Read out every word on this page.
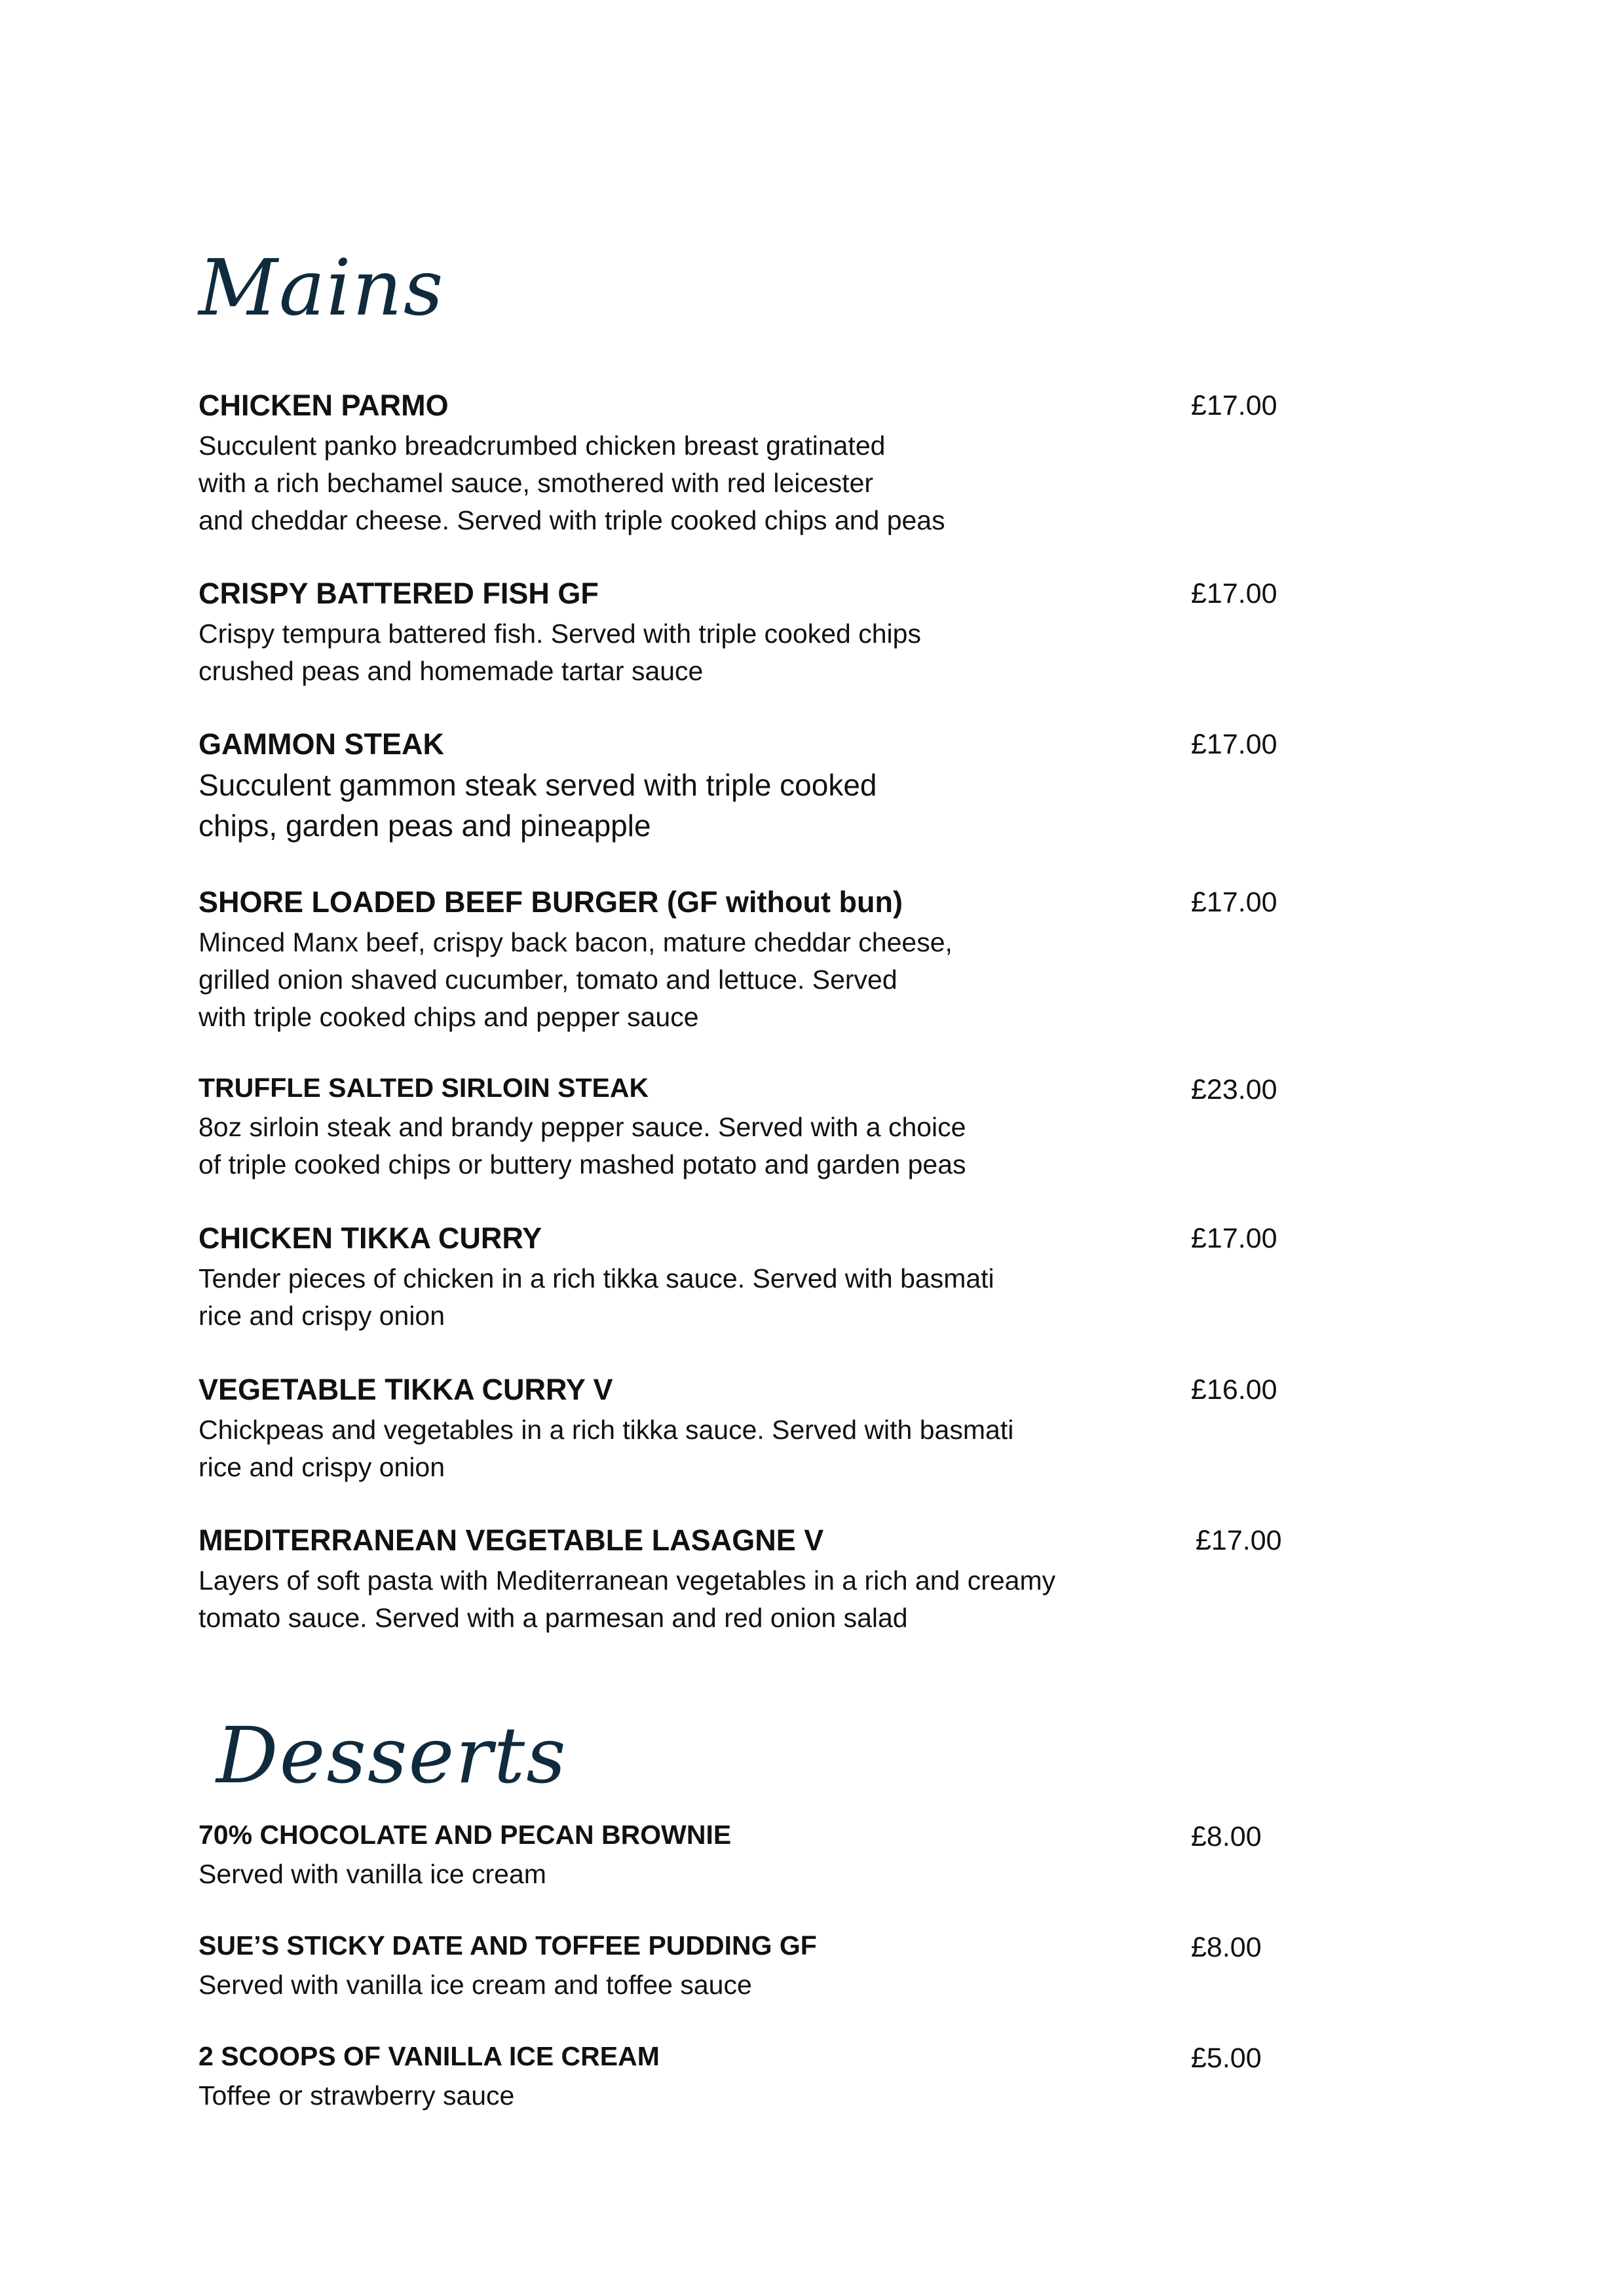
Mains
CHICKEN PARMO	£17.00
Succulent panko breadcrumbed chicken breast gratinated
with a rich bechamel sauce, smothered with red leicester
and cheddar cheese. Served with triple cooked chips and peas
CRISPY BATTERED FISH GF	£17.00
Crispy tempura battered fish. Served with triple cooked chips
crushed peas and homemade tartar sauce
GAMMON STEAK	£17.00
Succulent gammon steak served with triple cooked
chips, garden peas and pineapple
SHORE LOADED BEEF BURGER (GF without bun)	£17.00
Minced Manx beef, crispy back bacon, mature cheddar cheese,
grilled onion shaved cucumber, tomato and lettuce. Served
with triple cooked chips and pepper sauce
TRUFFLE SALTED SIRLOIN STEAK	£23.00
8oz sirloin steak and brandy pepper sauce. Served with a choice
of triple cooked chips or buttery mashed potato and garden peas
CHICKEN TIKKA CURRY	£17.00
Tender pieces of chicken in a rich tikka sauce. Served with basmati
rice and crispy onion
VEGETABLE TIKKA CURRY V	£16.00
Chickpeas and vegetables in a rich tikka sauce. Served with basmati
rice and crispy onion
MEDITERRANEAN VEGETABLE LASAGNE V	£17.00
Layers of soft pasta with Mediterranean vegetables in a rich and creamy
tomato sauce. Served with a parmesan and red onion salad
Desserts
70% CHOCOLATE AND PECAN BROWNIE	£8.00
Served with vanilla ice cream
SUE’S STICKY DATE AND TOFFEE PUDDING GF	£8.00
Served with vanilla ice cream and toffee sauce
2 SCOOPS OF VANILLA ICE CREAM	£5.00
Toffee or strawberry sauce
